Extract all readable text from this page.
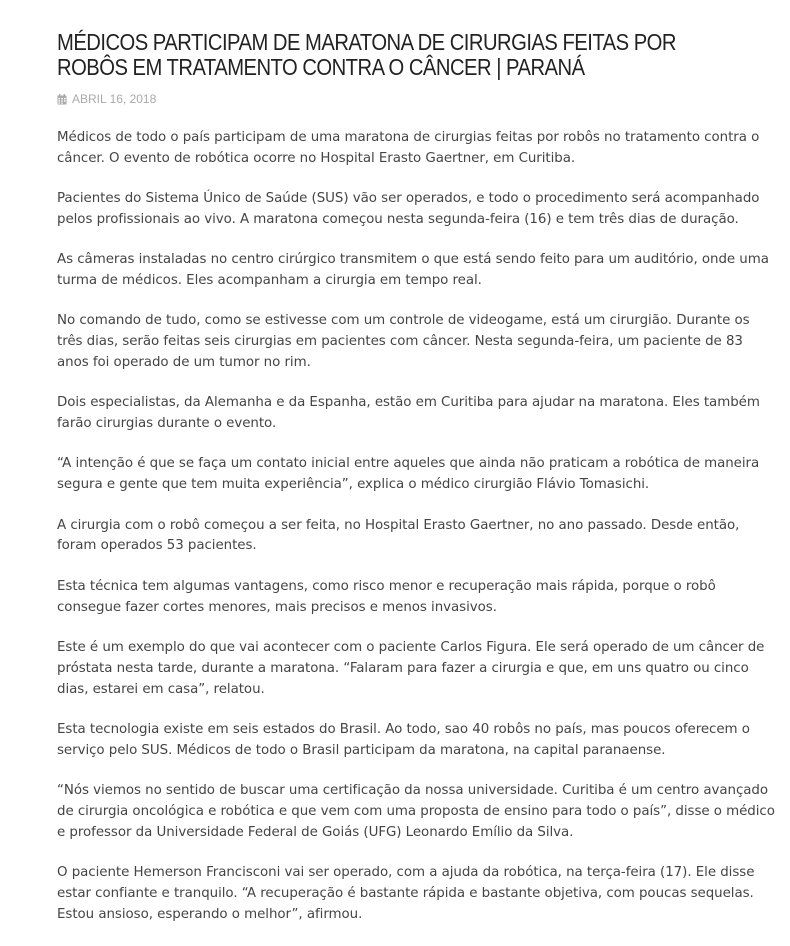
MÉDICOS PARTICIPAM DE MARATONA DE CIRURGIAS FEITAS POR ROBÔS EM TRATAMENTO CONTRA O CÂNCER | PARANÁ
ABRIL 16, 2018

Médicos de todo o país participam de uma maratona de cirurgias feitas por robôs no tratamento contra o câncer. O evento de robótica ocorre no Hospital Erasto Gaertner, em Curitiba.

Pacientes do Sistema Único de Saúde (SUS) vão ser operados, e todo o procedimento será acompanhado pelos profissionais ao vivo. A maratona começou nesta segunda-feira (16) e tem três dias de duração.

As câmeras instaladas no centro cirúrgico transmitem o que está sendo feito para um auditório, onde uma turma de médicos. Eles acompanham a cirurgia em tempo real.

No comando de tudo, como se estivesse com um controle de videogame, está um cirurgião. Durante os três dias, serão feitas seis cirurgias em pacientes com câncer. Nesta segunda-feira, um paciente de 83 anos foi operado de um tumor no rim.

Dois especialistas, da Alemanha e da Espanha, estão em Curitiba para ajudar na maratona. Eles também farão cirurgias durante o evento.

“A intenção é que se faça um contato inicial entre aqueles que ainda não praticam a robótica de maneira segura e gente que tem muita experiência”, explica o médico cirurgião Flávio Tomasichi.

A cirurgia com o robô começou a ser feita, no Hospital Erasto Gaertner, no ano passado. Desde então, foram operados 53 pacientes.

Esta técnica tem algumas vantagens, como risco menor e recuperação mais rápida, porque o robô consegue fazer cortes menores, mais precisos e menos invasivos.

Este é um exemplo do que vai acontecer com o paciente Carlos Figura. Ele será operado de um câncer de próstata nesta tarde, durante a maratona. “Falaram para fazer a cirurgia e que, em uns quatro ou cinco dias, estarei em casa”, relatou.

Esta tecnologia existe em seis estados do Brasil. Ao todo, sao 40 robôs no país, mas poucos oferecem o serviço pelo SUS. Médicos de todo o Brasil participam da maratona, na capital paranaense.

“Nós viemos no sentido de buscar uma certificação da nossa universidade. Curitiba é um centro avançado de cirurgia oncológica e robótica e que vem com uma proposta de ensino para todo o país”, disse o médico e professor da Universidade Federal de Goiás (UFG) Leonardo Emílio da Silva.

O paciente Hemerson Francisconi vai ser operado, com a ajuda da robótica, na terça-feira (17). Ele disse estar confiante e tranquilo. “A recuperação é bastante rápida e bastante objetiva, com poucas sequelas. Estou ansioso, esperando o melhor”, afirmou.
